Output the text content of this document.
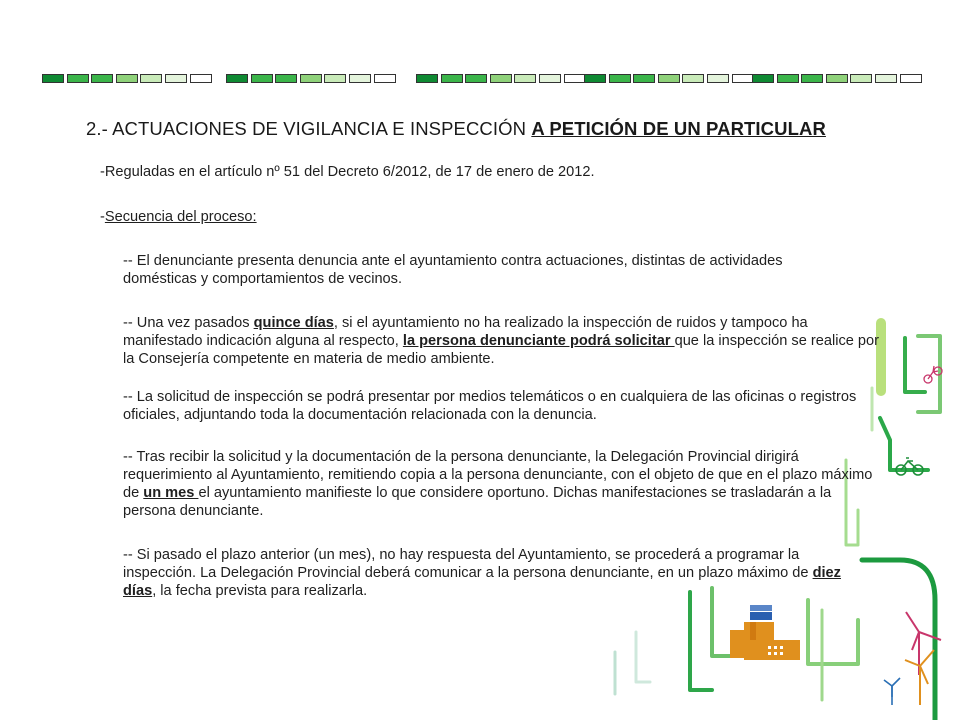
2.- ACTUACIONES DE VIGILANCIA E INSPECCIÓN A PETICIÓN DE UN PARTICULAR

-Reguladas en el artículo nº 51 del Decreto 6/2012, de 17 de enero de 2012.

-Secuencia del proceso:

-- El denunciante presenta denuncia ante el ayuntamiento contra actuaciones, distintas de actividades domésticas y comportamientos de vecinos.

-- Una vez pasados quince días, si el ayuntamiento no ha realizado la inspección de ruidos y tampoco ha manifestado indicación alguna al respecto, la persona denunciante podrá solicitar que la inspección se realice por la Consejería competente en materia de medio ambiente.

-- La solicitud de inspección se podrá presentar por medios telemáticos o en cualquiera de las oficinas o registros oficiales, adjuntando toda la documentación relacionada con la denuncia.

-- Tras recibir la solicitud y la documentación de la persona denunciante, la Delegación Provincial dirigirá requerimiento al Ayuntamiento, remitiendo copia a la persona denunciante, con el objeto de que en el plazo máximo de un mes el ayuntamiento manifieste lo que considere oportuno. Dichas manifestaciones se trasladarán a la persona denunciante.

-- Si pasado el plazo anterior (un mes), no hay respuesta del Ayuntamiento, se procederá a programar la inspección. La Delegación Provincial deberá comunicar a la persona denunciante, en un plazo máximo de diez días, la fecha prevista para realizarla.
